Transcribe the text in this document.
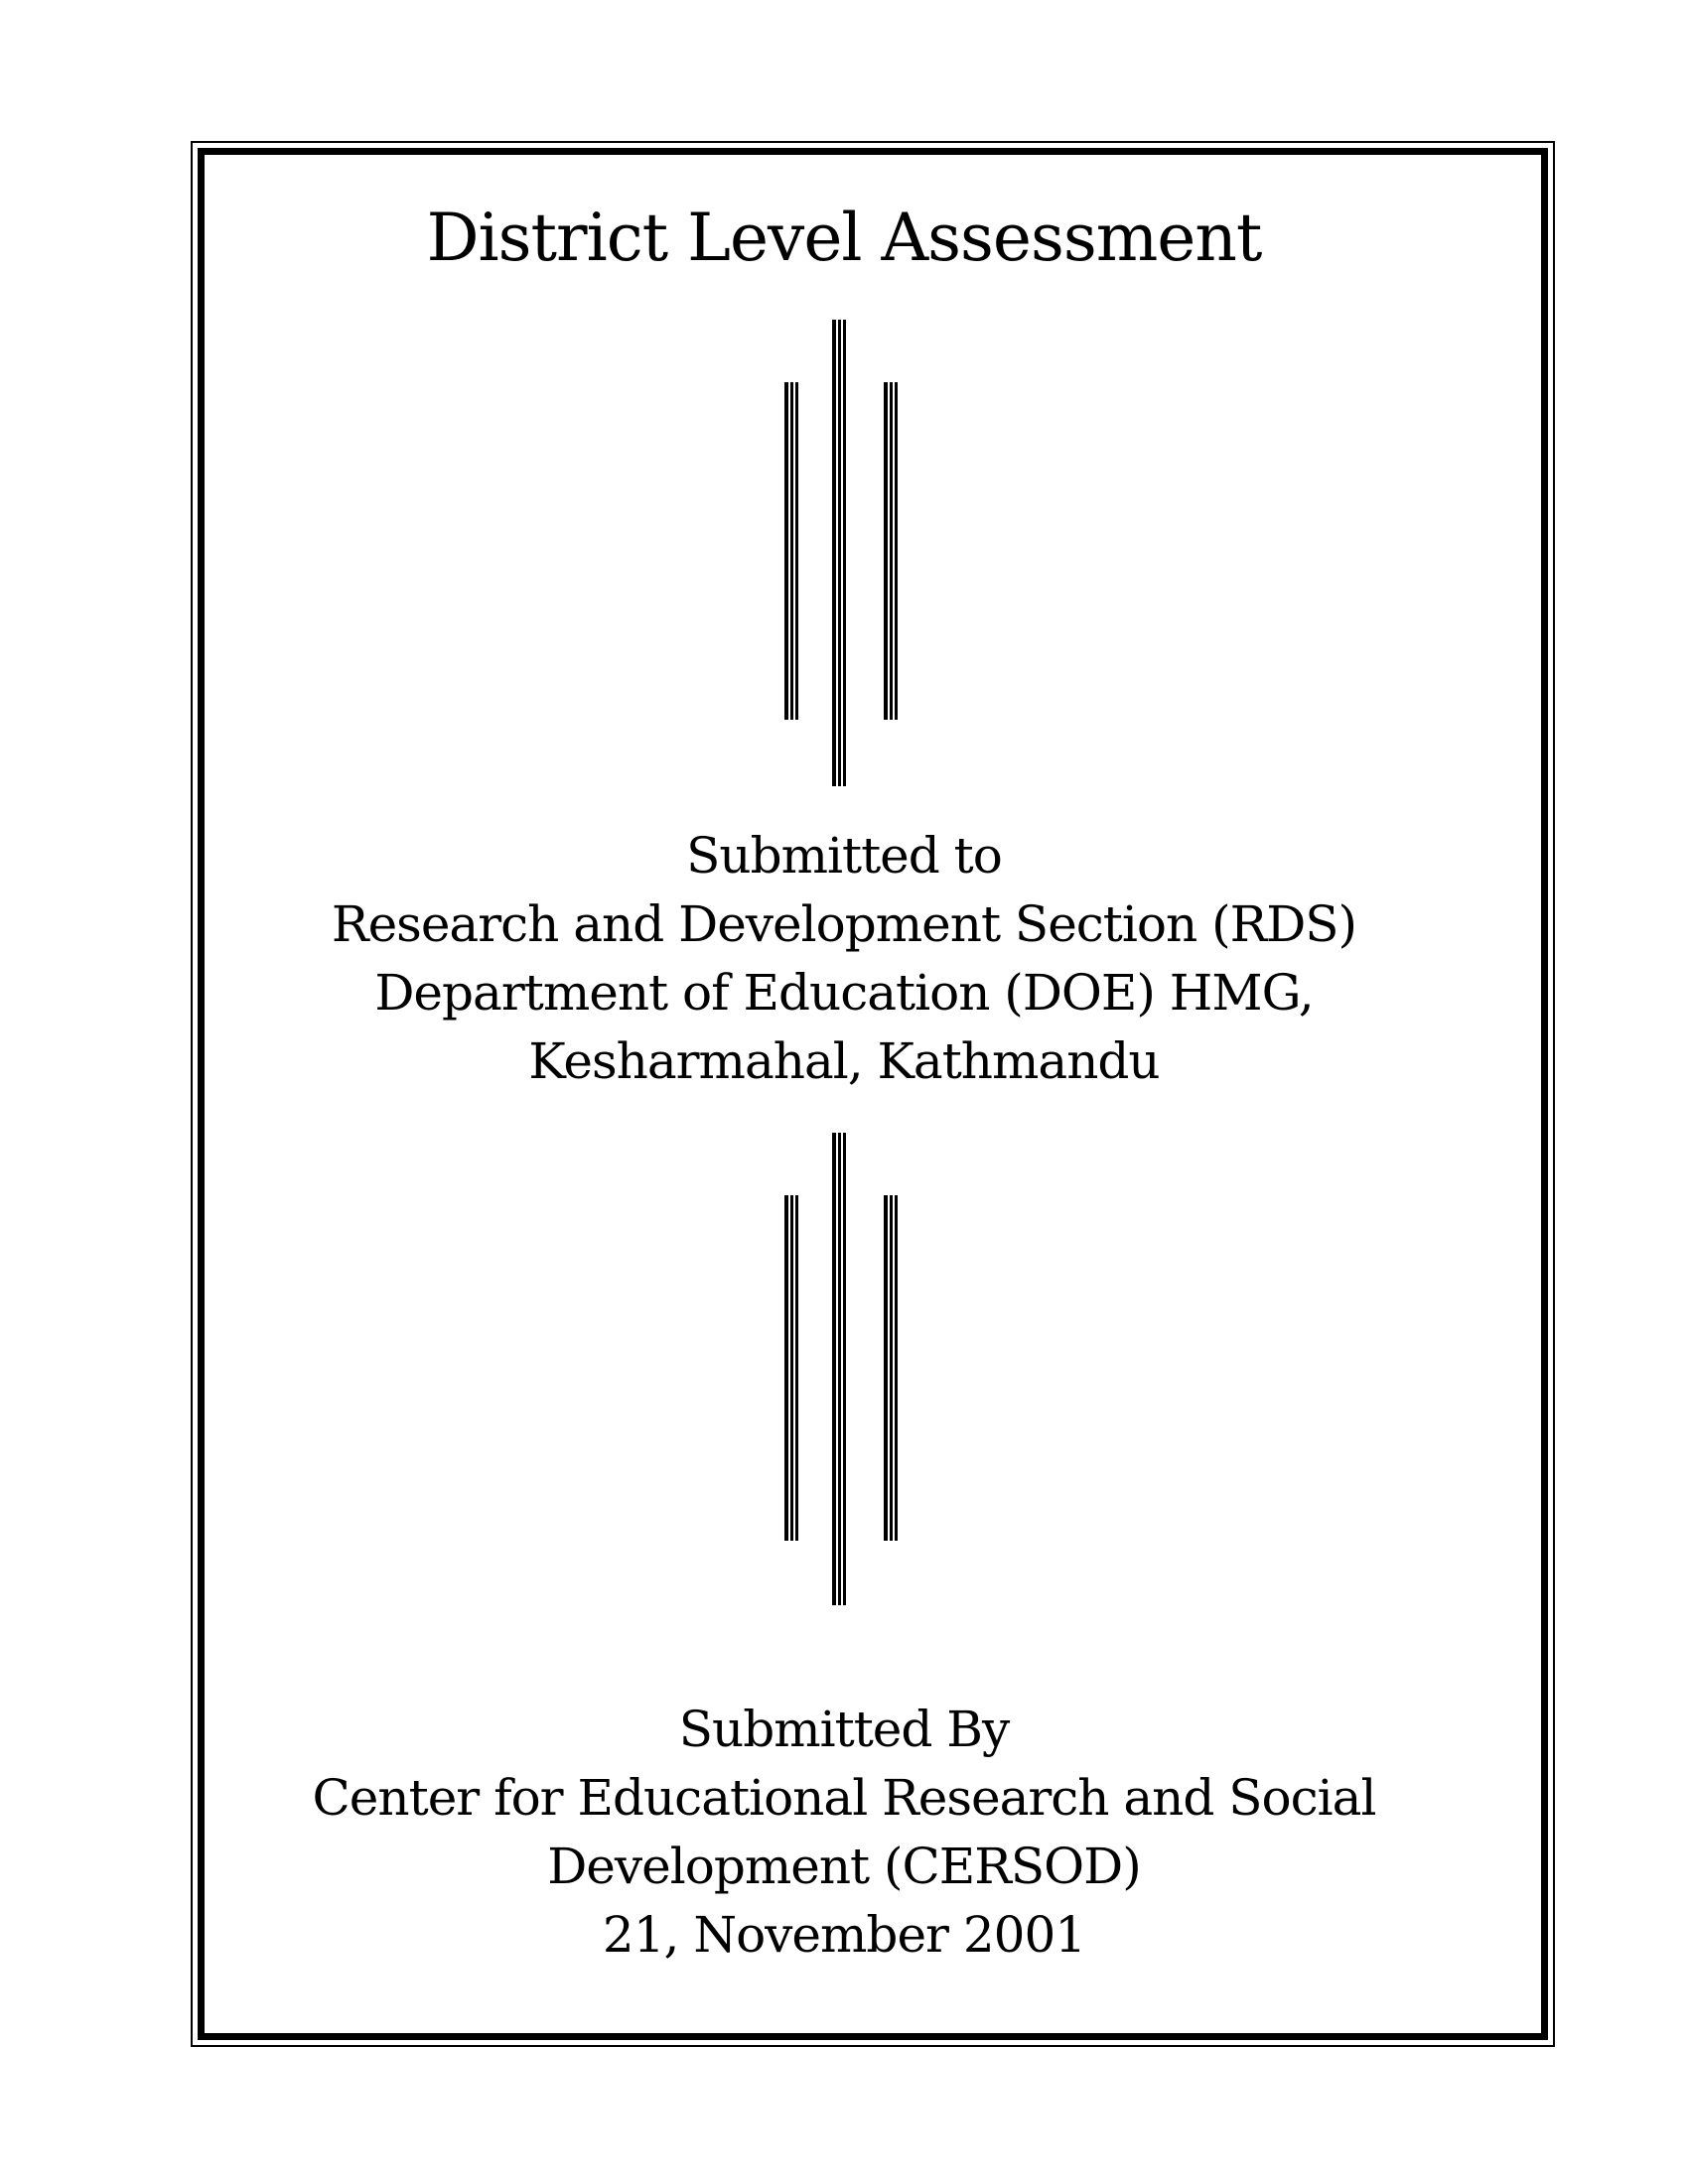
District Level Assessment
Submitted to
Research and Development Section (RDS)
Department of Education (DOE) HMG,
Kesharmahal, Kathmandu
Submitted By
Center for Educational Research and Social
Development (CERSOD)
21, November 2001
